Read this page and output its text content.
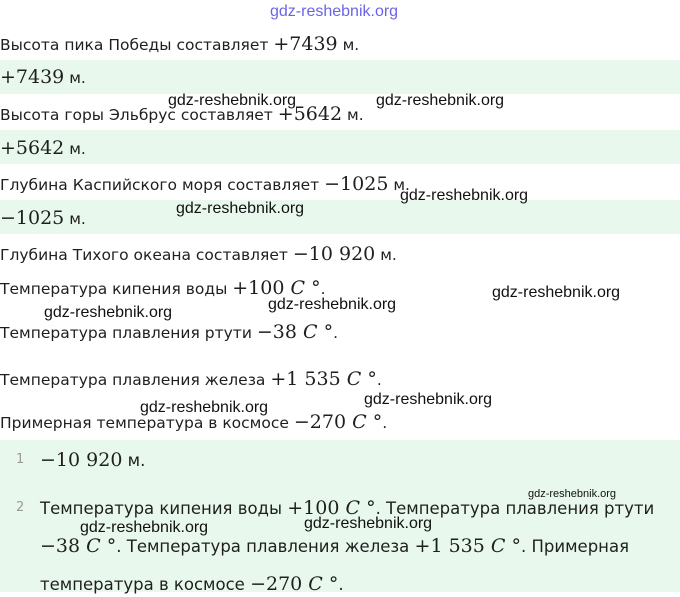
gdz-reshebnik.org
Высота пика Победы составляет +7439 м.
+7439 м.
Высота горы Эльбрус составляет +5642 м.
+5642 м.
Глубина Каспийского моря составляет −1025 м.
−1025 м.
Глубина Тихого океана составляет −10 920 м.
Температура кипения воды +100 C °.
Температура плавления ртути −38 C °.
Температура плавления железа +1 535 C °.
Примерная температура в космосе −270 C °.
1 −10 920 м.
2 Температура кипения воды +100 C °. Температура плавления ртути
−38 C °. Температура плавления железа +1 535 C °. Примерная
температура в космосе −270 C °.
gdz-reshebnik.org	gdz-reshebnik.org
gdz-reshebnik.org
gdz-reshebnik.org
gdz-reshebnik.org
gdz-reshebnik.org
gdz-reshebnik.org
gdz-reshebnik.org
gdz-reshebnik.org
gdz-reshebnik.org
gdz-reshebnik.org	gdz-reshebnik.org
